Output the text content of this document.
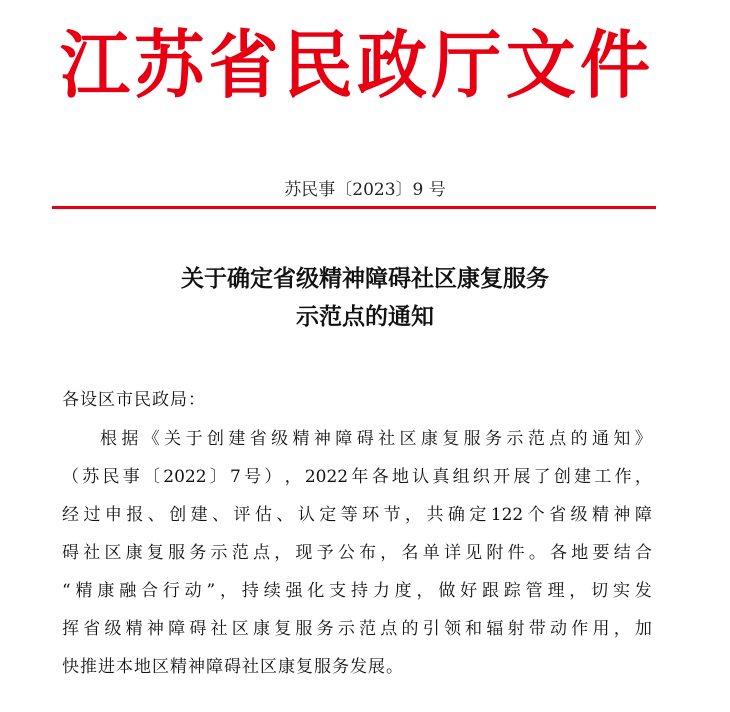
江 苏 省 民 政 厅 文 件
苏民事〔2023〕9 号
关于确定省级精神障碍社区康复服务
示范点的通知
各设区市民政局：
根 据 《 关 于 创 建 省 级 精 神 障 碍 社 区 康 复 服 务 示 范 点 的 通 知 》
（ 苏 民 事 〔 2022 〕 7 号 ） ， 2022 年 各 地 认 真 组 织 开 展 了 创 建 工 作 ，
经 过 申 报 、 创 建 、 评 估 、 认 定 等 环 节 ， 共 确 定 122 个 省 级 精 神 障
碍 社 区 康 复 服 务 示 范 点 ， 现 予 公 布 ， 名 单 详 见 附 件 。 各 地 要 结 合
“ 精 康 融 合 行 动 ” ， 持 续 强 化 支 持 力 度 ， 做 好 跟 踪 管 理 ， 切 实 发
挥 省 级 精 神 障 碍 社 区 康 复 服 务 示 范 点 的 引 领 和 辐 射 带 动 作 用 ， 加
快推进本地区精神障碍社区康复服务发展。
